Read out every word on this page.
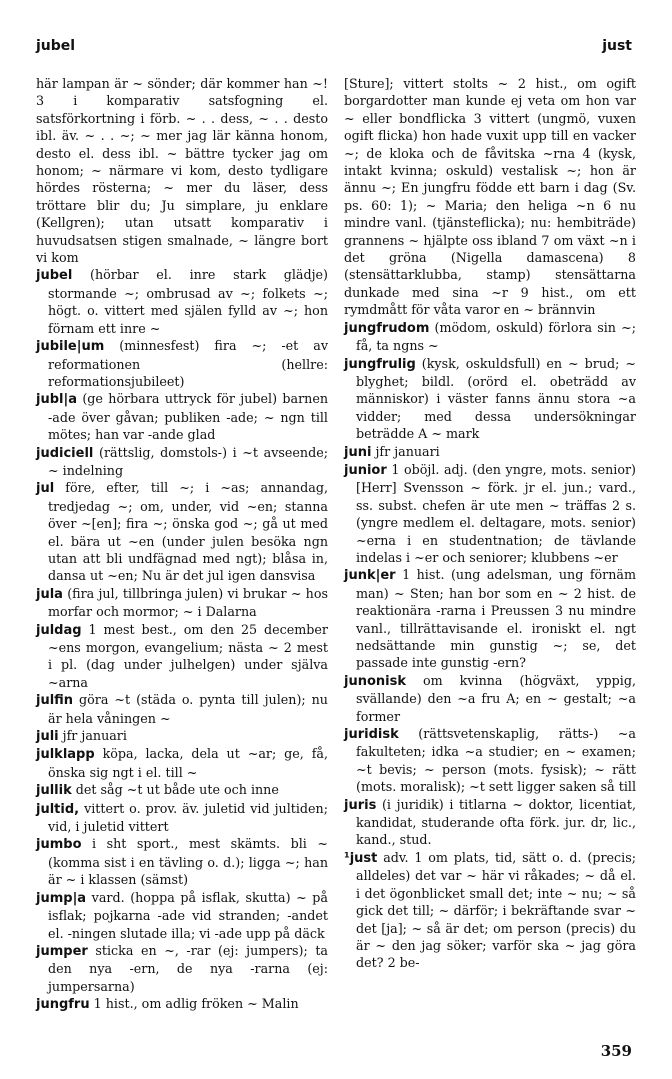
jubel	just
här lampan är ~ sönder; där kommer han ~! 3 i komparativ satsfogning el. satsförkortning i förb. ~ . . dess, ~ . . desto ibl. äv. ~ . . ~; ~ mer jag lär känna honom, desto el. dess ibl. ~ bättre tycker jag om honom; ~ närmare vi kom, desto tydligare hördes rösterna; ~ mer du läser, dess tröttare blir du; Ju simplare, ju enklare (Kellgren); utan utsatt komparativ i huvudsatsen stigen smalnade, ~ längre bort vi kom
jubel (hörbar el. inre stark glädje) stormande ~; ombrusad av ~; folkets ~; högt. o. vittert med själen fylld av ~; hon förnam ett inre ~
jubile|um (minnesfest) fira ~; -et av reformationen (hellre: reformationsjubileet)
jubl|a (ge hörbara uttryck för jubel) barnen -ade över gåvan; publiken -ade; ~ ngn till mötes; han var -ande glad
judiciell (rättslig, domstols-) i ~t avseende; ~ indelning
jul före, efter, till ~; i ~as; annandag, tredjedag ~; om, under, vid ~en; stanna över ~[en]; fira ~; önska god ~; gå ut med el. bära ut ~en (under julen besöka ngn utan att bli undfägnad med ngt); blåsa in, dansa ut ~en; Nu är det jul igen dansvisa
jula (fira jul, tillbringa julen) vi brukar ~ hos morfar och mormor; ~ i Dalarna
juldag 1 mest best., om den 25 december ~ens morgon, evangelium; nästa ~ 2 mest i pl. (dag under julhelgen) under själva ~arna
julfin göra ~t (städa o. pynta till julen); nu är hela våningen ~
juli jfr januari
julklapp köpa, lacka, dela ut ~ar; ge, få, önska sig ngt i el. till ~
jullik det såg ~t ut både ute och inne
jultid, vittert o. prov. äv. juletid vid jultiden; vid, i juletid vittert
jumbo i sht sport., mest skämts. bli ~ (komma sist i en tävling o. d.); ligga ~; han är ~ i klassen (sämst)
jump|a vard. (hoppa på isflak, skutta) ~ på isflak; pojkarna -ade vid stranden; -andet el. -ningen slutade illa; vi -ade upp på däck
jumper sticka en ~, -rar (ej: jumpers); ta den nya -ern, de nya -rarna (ej: jumpersarna)
jungfru 1 hist., om adlig fröken ~ Malin
[Sture]; vittert stolts ~ 2 hist., om ogift borgardotter man kunde ej veta om hon var ~ eller bondflicka 3 vittert (ungmö, vuxen ogift flicka) hon hade vuxit upp till en vacker ~; de kloka och de fåvitska ~rna 4 (kysk, intakt kvinna; oskuld) vestalisk ~; hon är ännu ~; En jungfru födde ett barn i dag (Sv. ps. 60: 1); ~ Maria; den heliga ~n 6 nu mindre vanl. (tjänsteflicka); nu: hembiträde) grannens ~ hjälpte oss ibland 7 om växt ~n i det gröna (Nigella damascena) 8 (stensättarklubba, stamp) stensättarna dunkade med sina ~r 9 hist., om ett rymdmått för våta varor en ~ brännvin
jungfrudom (mödom, oskuld) förlora sin ~; få, ta ngns ~
jungfrulig (kysk, oskuldsfull) en ~ brud; ~ blyghet; bildl. (orörd el. obeträdd av människor) i väster fanns ännu stora ~a vidder; med dessa undersökningar beträdde A ~ mark
juni jfr januari
junior 1 oböjl. adj. (den yngre, mots. senior) [Herr] Svensson ~ förk. jr el. jun.; vard., ss. subst. chefen är ute men ~ träffas 2 s. (yngre medlem el. deltagare, mots. senior) ~erna i en studentnation; de tävlande indelas i ~er och seniorer; klubbens ~er
junk|er 1 hist. (ung adelsman, ung förnäm man) ~ Sten; han bor som en ~ 2 hist. de reaktionära -rarna i Preussen 3 nu mindre vanl., tillrättavisande el. ironiskt el. ngt nedsättande min gunstig ~; se, det passade inte gunstig -ern?
junonisk om kvinna (högväxt, yppig, svällande) den ~a fru A; en ~ gestalt; ~a former
juridisk (rättsvetenskaplig, rätts-) ~a fakulteten; idka ~a studier; en ~ examen; ~t bevis; ~ person (mots. fysisk); ~ rätt (mots. moralisk); ~t sett ligger saken så till
juris (i juridik) i titlarna ~ doktor, licentiat, kandidat, studerande ofta förk. jur. dr, lic., kand., stud.
¹just adv. 1 om plats, tid, sätt o. d. (precis; alldeles) det var ~ här vi råkades; ~ då el. i det ögonblicket small det; inte ~ nu; ~ så gick det till; ~ därför; i bekräftande svar ~ det [ja]; ~ så är det; om person (precis) du är ~ den jag söker; varför ska ~ jag göra det? 2 be-
359
